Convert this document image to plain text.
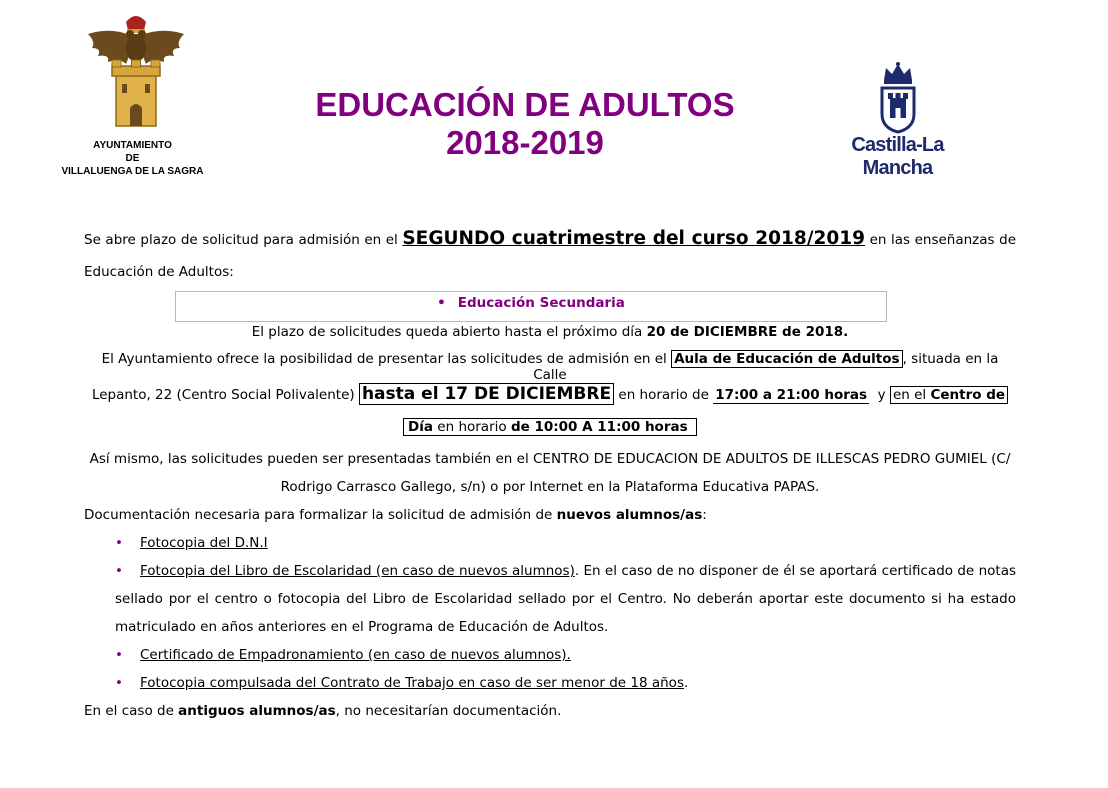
AYUNTAMIENTO
DE
VILLALUENGA DE LA SAGRA
EDUCACIÓN DE ADULTOS
2018-2019	Castilla-La Mancha
Se abre plazo de solicitud para admisión en el SEGUNDO cuatrimestre del curso 2018/2019 en las enseñanzas de
Educación de Adultos:
• Educación Secundaria
El plazo de solicitudes queda abierto hasta el próximo día 20 de DICIEMBRE de 2018.
El Ayuntamiento ofrece la posibilidad de presentar las solicitudes de admisión en el Aula de Educación de Adultos , situada en la Calle
Lepanto, 22 (Centro Social Polivalente) hasta el 17 DE DICIEMBRE en horario de 17:00 a 21:00 horas y en el Centro de
Día en horario de 10:00 A 11:00 horas
Así mismo, las solicitudes pueden ser presentadas también en el CENTRO DE EDUCACION DE ADULTOS DE ILLESCAS PEDRO GUMIEL (C/
Rodrigo Carrasco Gallego, s/n) o por Internet en la Plataforma Educativa PAPAS.
Documentación necesaria para formalizar la solicitud de admisión de nuevos alumnos/as:
• Fotocopia del D.N.I
• Fotocopia del Libro de Escolaridad (en caso de nuevos alumnos). En el caso de no disponer de él se aportará certificado de notas
sellado por el centro o fotocopia del Libro de Escolaridad sellado por el Centro. No deberán aportar este documento si ha estado
matriculado en años anteriores en el Programa de Educación de Adultos.
• Certificado de Empadronamiento (en caso de nuevos alumnos).
• Fotocopia compulsada del Contrato de Trabajo en caso de ser menor de 18 años.
En el caso de antiguos alumnos/as, no necesitarían documentación.
